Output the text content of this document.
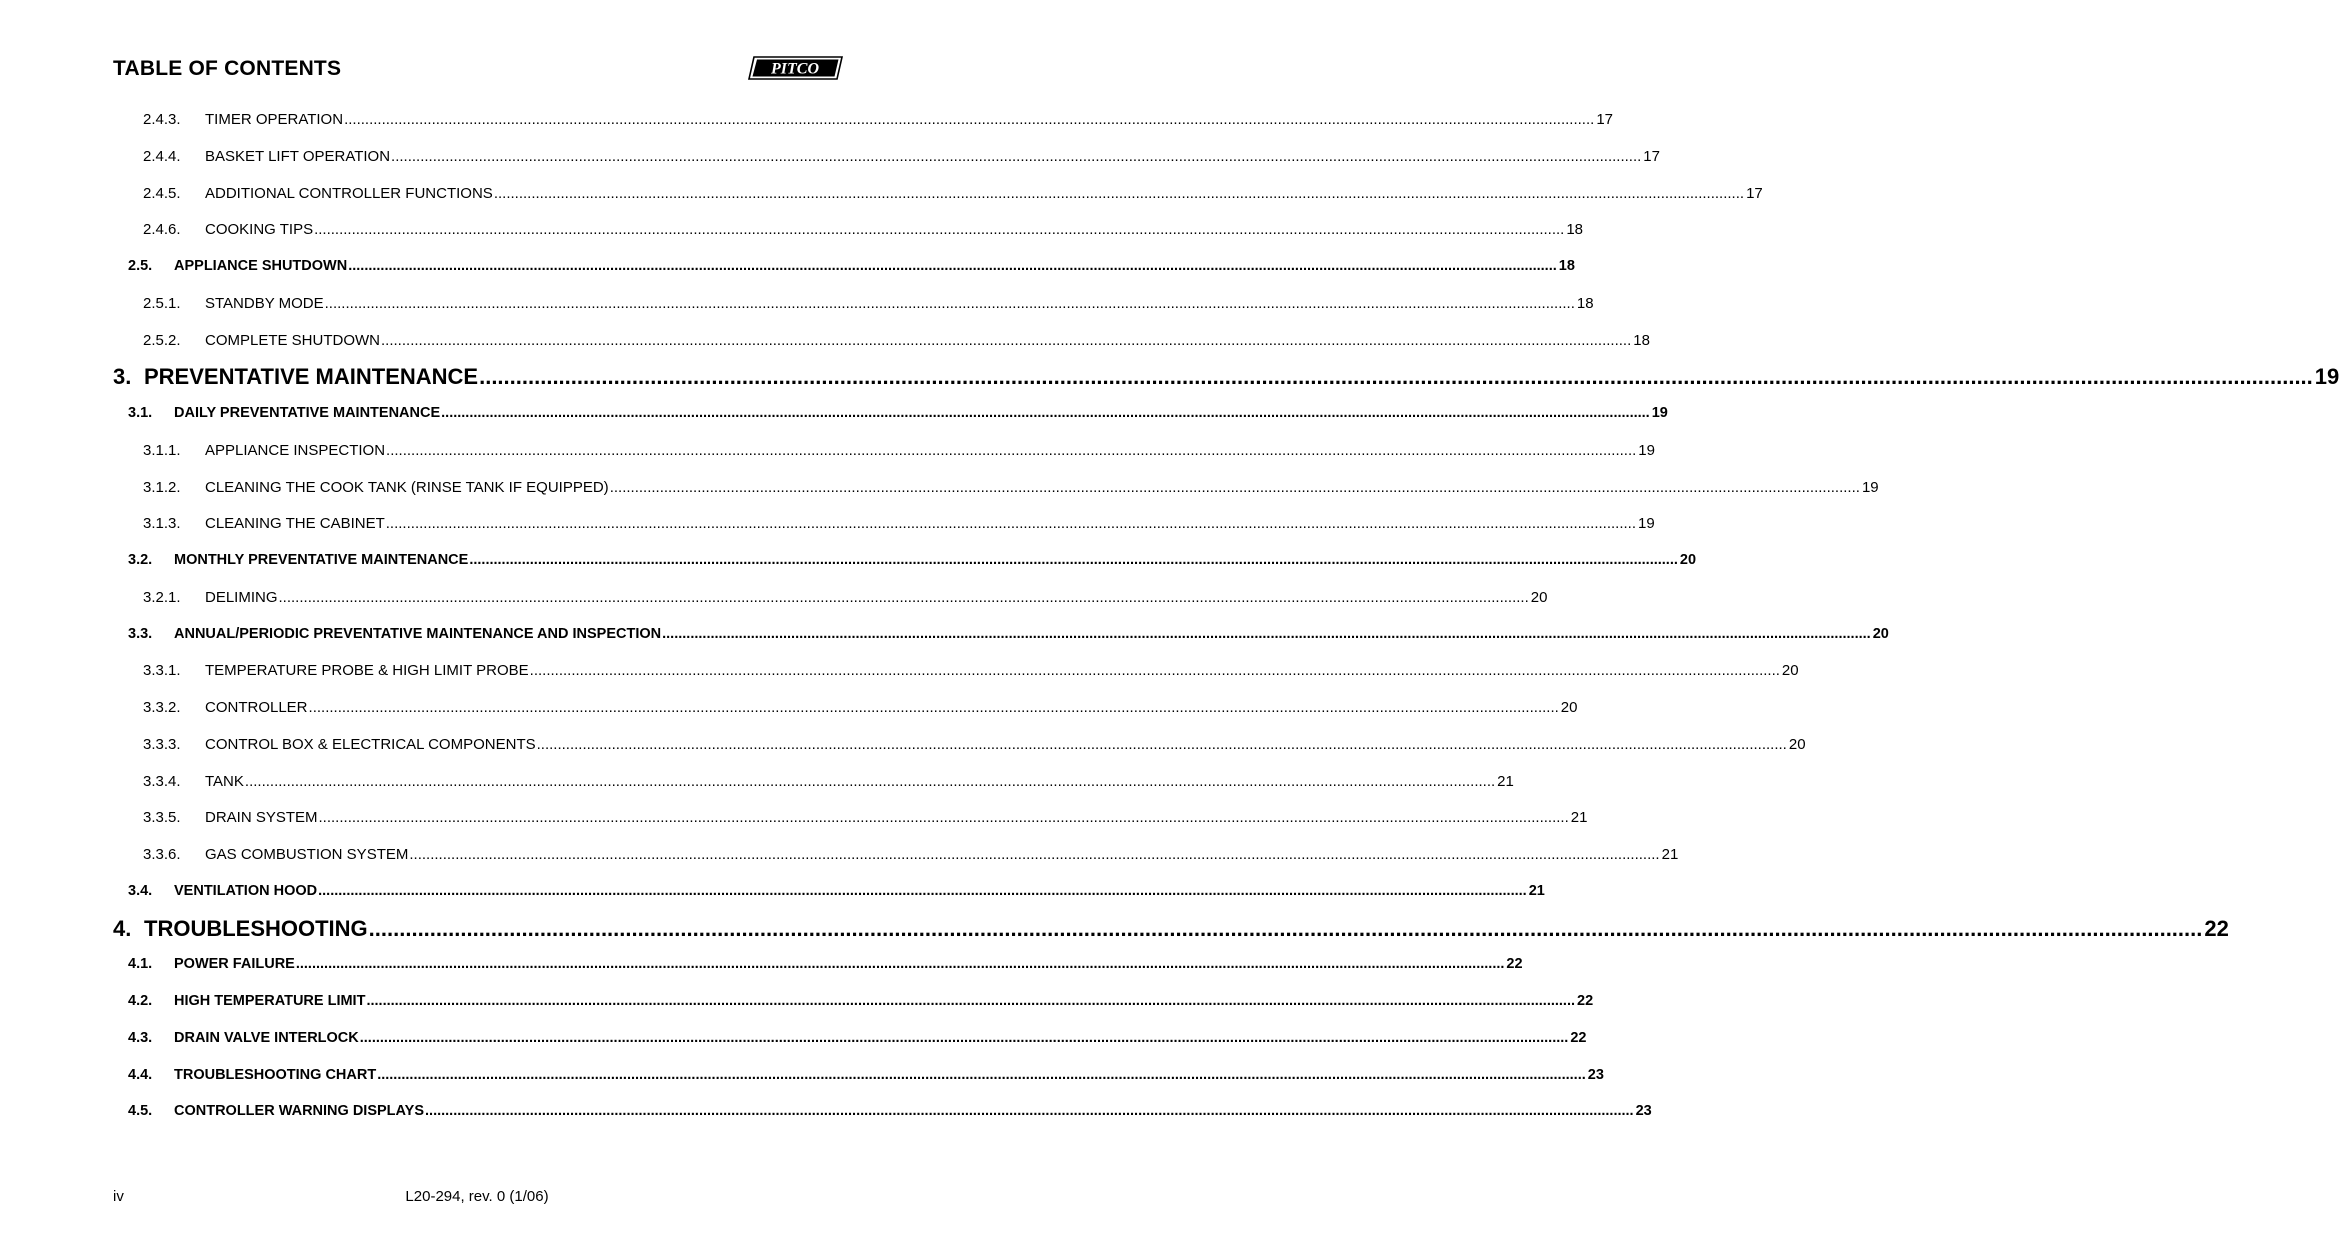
TABLE OF CONTENTS	PITCO
2.4.3.	TIMER OPERATION ............................................................................................................................................................................................................................................................................................................ 17
2.4.4.	BASKET LIFT OPERATION ............................................................................................................................................................................................................................................................................................................ 17
2.4.5.	ADDITIONAL CONTROLLER FUNCTIONS ............................................................................................................................................................................................................................................................................................................ 17
2.4.6.	COOKING TIPS ............................................................................................................................................................................................................................................................................................................ 18
2.5.	APPLIANCE SHUTDOWN ............................................................................................................................................................................................................................................................................................................ 18
2.5.1.	STANDBY MODE ............................................................................................................................................................................................................................................................................................................ 18
2.5.2.	COMPLETE SHUTDOWN ............................................................................................................................................................................................................................................................................................................ 18
3. PREVENTATIVE MAINTENANCE ............................................................................................................................................................................................................................................................................................................ 19
3.1.	DAILY PREVENTATIVE MAINTENANCE ............................................................................................................................................................................................................................................................................................................ 19
3.1.1.	APPLIANCE INSPECTION ............................................................................................................................................................................................................................................................................................................ 19
3.1.2.	CLEANING THE COOK TANK (RINSE TANK IF EQUIPPED) ............................................................................................................................................................................................................................................................................................................ 19
3.1.3.	CLEANING THE CABINET ............................................................................................................................................................................................................................................................................................................ 19
3.2.	MONTHLY PREVENTATIVE MAINTENANCE ............................................................................................................................................................................................................................................................................................................ 20
3.2.1.	DELIMING ............................................................................................................................................................................................................................................................................................................ 20
3.3.	ANNUAL/PERIODIC PREVENTATIVE MAINTENANCE AND INSPECTION ............................................................................................................................................................................................................................................................................................................ 20
3.3.1.	TEMPERATURE PROBE & HIGH LIMIT PROBE ............................................................................................................................................................................................................................................................................................................ 20
3.3.2.	CONTROLLER ............................................................................................................................................................................................................................................................................................................ 20
3.3.3.	CONTROL BOX & ELECTRICAL COMPONENTS ............................................................................................................................................................................................................................................................................................................ 20
3.3.4.	TANK ............................................................................................................................................................................................................................................................................................................ 21
3.3.5.	DRAIN SYSTEM ............................................................................................................................................................................................................................................................................................................ 21
3.3.6.	GAS COMBUSTION SYSTEM ............................................................................................................................................................................................................................................................................................................ 21
3.4.	VENTILATION HOOD ............................................................................................................................................................................................................................................................................................................ 21
4. TROUBLESHOOTING ............................................................................................................................................................................................................................................................................................................ 22
4.1.	POWER FAILURE ............................................................................................................................................................................................................................................................................................................ 22
4.2.	HIGH TEMPERATURE LIMIT ............................................................................................................................................................................................................................................................................................................ 22
4.3.	DRAIN VALVE INTERLOCK ............................................................................................................................................................................................................................................................................................................ 22
4.4.	TROUBLESHOOTING CHART ............................................................................................................................................................................................................................................................................................................ 23
4.5.	CONTROLLER WARNING DISPLAYS ............................................................................................................................................................................................................................................................................................................ 23
iv	L20-294, rev. 0 (1/06)
